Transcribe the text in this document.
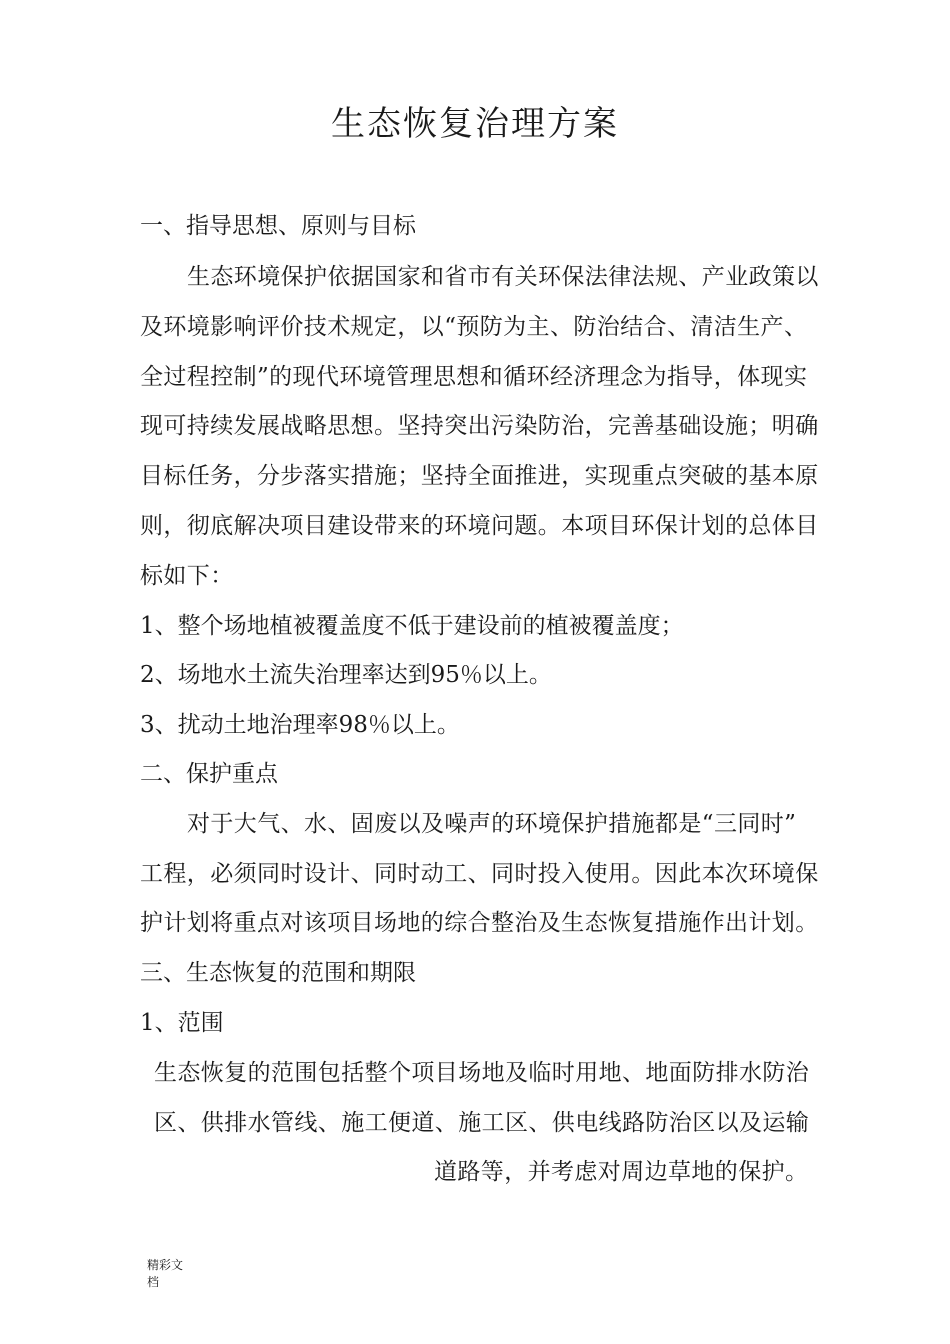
生态恢复治理方案
一、指导思想、原则与目标
生态环境保护依据国家和省市有关环保法律法规、产业政策以
及环境影响评价技术规定，以“预防为主、防治结合、清洁生产、
全过程控制”的现代环境管理思想和循环经济理念为指导，体现实
现可持续发展战略思想。坚持突出污染防治，完善基础设施；明确
目标任务，分步落实措施；坚持全面推进，实现重点突破的基本原
则，彻底解决项目建设带来的环境问题。本项目环保计划的总体目
标如下：
1、整个场地植被覆盖度不低于建设前的植被覆盖度；
2、场地水土流失治理率达到95％以上。
3、扰动土地治理率98％以上。
二、保护重点
对于大气、水、固废以及噪声的环境保护措施都是“三同时”
工程，必须同时设计、同时动工、同时投入使用。因此本次环境保
护计划将重点对该项目场地的综合整治及生态恢复措施作出计划。
三、生态恢复的范围和期限
1、范围
生态恢复的范围包括整个项目场地及临时用地、地面防排水防治
区、供排水管线、施工便道、施工区、供电线路防治区以及运输
道路等，并考虑对周边草地的保护。
精彩文
档
